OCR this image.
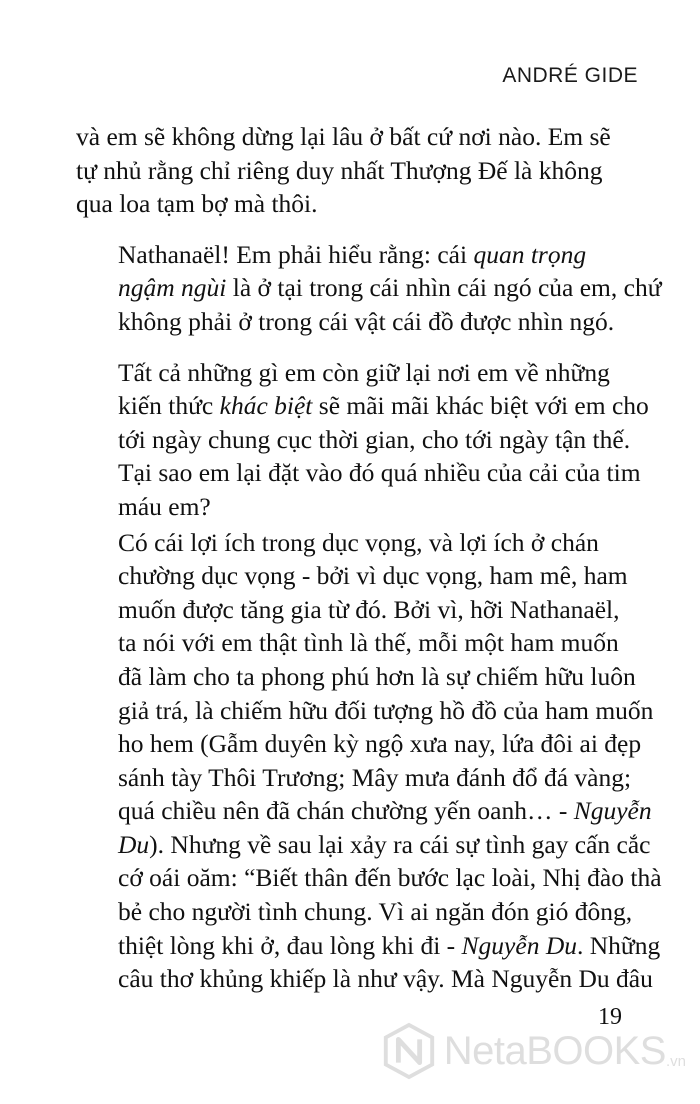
ANDRÉ GIDE

và em sẽ không dừng lại lâu ở bất cứ nơi nào. Em sẽ
tự nhủ rằng chỉ riêng duy nhất Thượng Đế là không
qua loa tạm bợ mà thôi.

Nathanaël! Em phải hiểu rằng: cái quan trọng
ngậm ngùi là ở tại trong cái nhìn cái ngó của em, chứ
không phải ở trong cái vật cái đồ được nhìn ngó.

Tất cả những gì em còn giữ lại nơi em về những
kiến thức khác biệt sẽ mãi mãi khác biệt với em cho
tới ngày chung cục thời gian, cho tới ngày tận thế.
Tại sao em lại đặt vào đó quá nhiều của cải của tim
máu em?

Có cái lợi ích trong dục vọng, và lợi ích ở chán
chường dục vọng - bởi vì dục vọng, ham mê, ham
muốn được tăng gia từ đó. Bởi vì, hỡi Nathanaël,
ta nói với em thật tình là thế, mỗi một ham muốn
đã làm cho ta phong phú hơn là sự chiếm hữu luôn
giả trá, là chiếm hữu đối tượng hồ đồ của ham muốn
ho hem (Gẫm duyên kỳ ngộ xưa nay, lứa đôi ai đẹp
sánh tày Thôi Trương; Mây mưa đánh đổ đá vàng;
quá chiều nên đã chán chường yến oanh… - Nguyễn
Du). Nhưng về sau lại xảy ra cái sự tình gay cấn cắc
cớ oái oăm: “Biết thân đến bước lạc loài, Nhị đào thà
bẻ cho người tình chung. Vì ai ngăn đón gió đông,
thiệt lòng khi ở, đau lòng khi đi - Nguyễn Du. Những
câu thơ khủng khiếp là như vậy. Mà Nguyễn Du đâu

19
NetaBOOKS .vn
